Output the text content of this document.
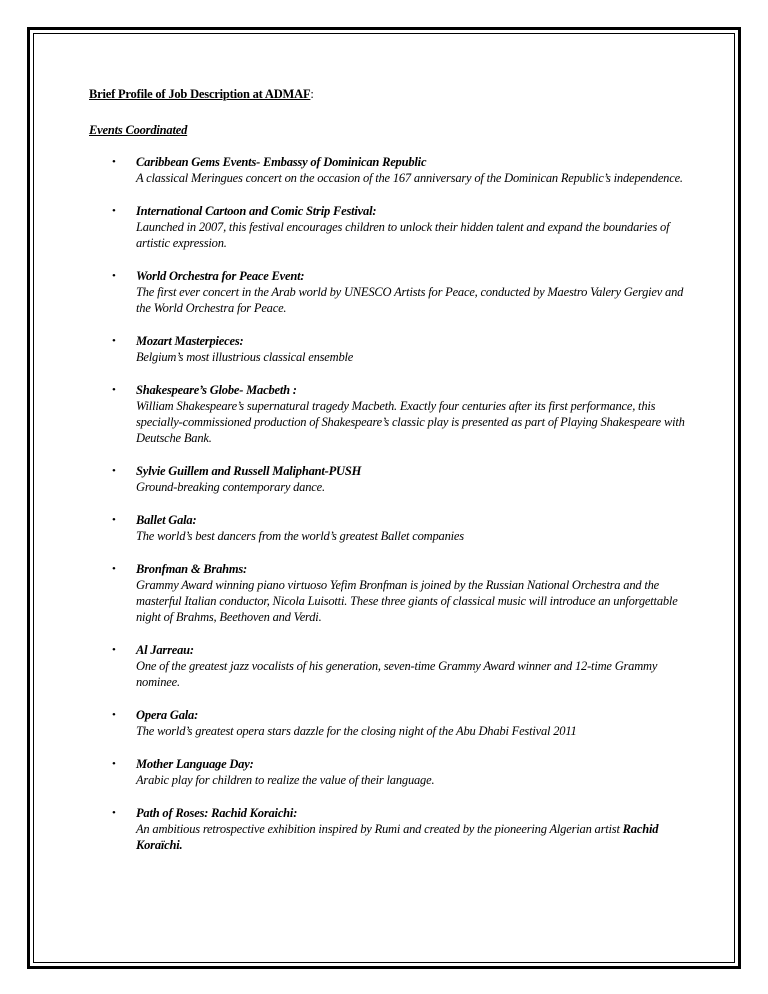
Brief Profile of Job Description at ADMAF:
Events Coordinated
• Caribbean Gems Events- Embassy of Dominican Republic
A classical Meringues concert on the occasion of the 167 anniversary of the Dominican Republic’s independence.
• International Cartoon and Comic Strip Festival:
Launched in 2007, this festival encourages children to unlock their hidden talent and expand the boundaries of artistic expression.
• World Orchestra for Peace Event:
The first ever concert in the Arab world by UNESCO Artists for Peace, conducted by Maestro Valery Gergiev and the World Orchestra for Peace.
• Mozart Masterpieces:
Belgium’s most illustrious classical ensemble
• Shakespeare’s Globe- Macbeth :
William Shakespeare’s supernatural tragedy Macbeth. Exactly four centuries after its first performance, this specially-commissioned production of Shakespeare’s classic play is presented as part of Playing Shakespeare with Deutsche Bank.
• Sylvie Guillem and Russell Maliphant-PUSH
Ground-breaking contemporary dance.
• Ballet Gala:
The world’s best dancers from the world’s greatest Ballet companies
• Bronfman & Brahms:
Grammy Award winning piano virtuoso Yefim Bronfman is joined by the Russian National Orchestra and the masterful Italian conductor, Nicola Luisotti. These three giants of classical music will introduce an unforgettable night of Brahms, Beethoven and Verdi.
• Al Jarreau:
One of the greatest jazz vocalists of his generation, seven-time Grammy Award winner and 12-time Grammy nominee.
• Opera Gala:
The world’s greatest opera stars dazzle for the closing night of the Abu Dhabi Festival 2011
• Mother Language Day:
Arabic play for children to realize the value of their language.
• Path of Roses: Rachid Koraichi:
An ambitious retrospective exhibition inspired by Rumi and created by the pioneering Algerian artist Rachid Koraïchi.
